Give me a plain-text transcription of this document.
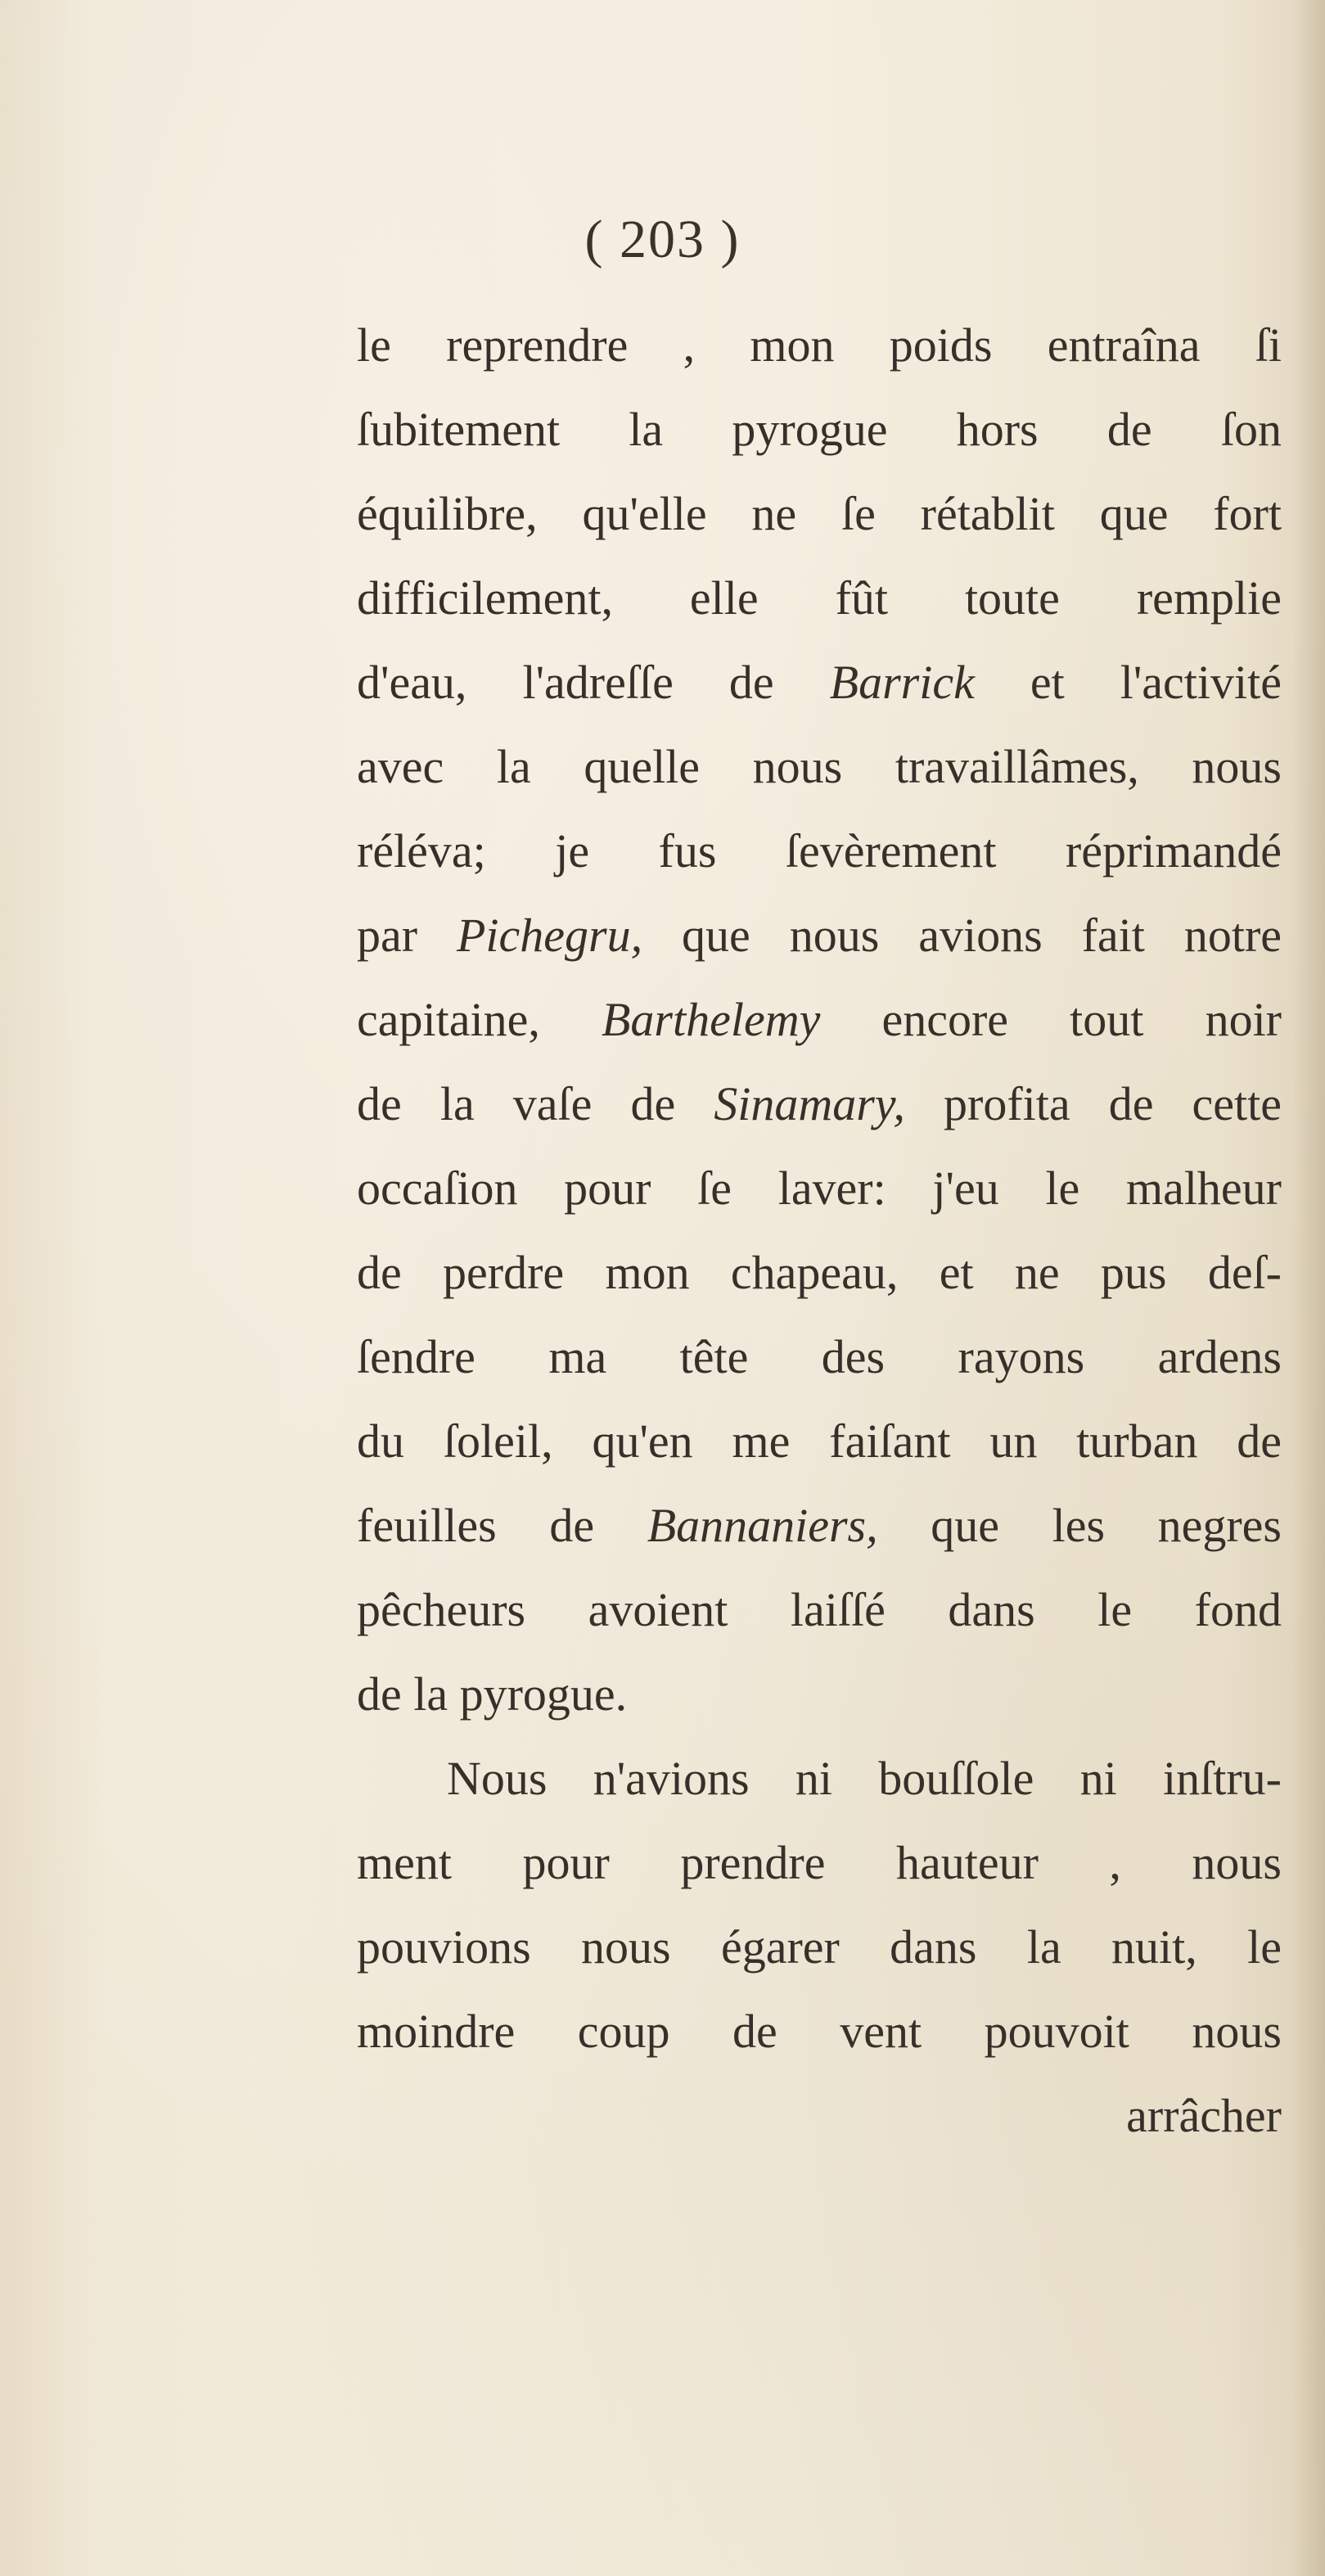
( 203 )
le reprendre , mon poids entraîna ſi
ſubitement la pyrogue hors de ſon
équilibre, qu'elle ne ſe rétablit que fort
difficilement, elle fût toute remplie
d'eau, l'adreſſe de Barrick et l'activité
avec la quelle nous travaillâmes, nous
réléva; je fus ſevèrement réprimandé
par Pichegru, que nous avions fait notre
capitaine, Barthelemy encore tout noir
de la vaſe de Sinamary, profita de cette
occaſion pour ſe laver: j'eu le malheur
de perdre mon chapeau, et ne pus deſ-
ſendre ma tête des rayons ardens
du ſoleil, qu'en me faiſant un turban de
feuilles de Bannaniers, que les negres
pêcheurs avoient laiſſé dans le fond
de la pyrogue.
Nous n'avions ni bouſſole ni inſtru-
ment pour prendre hauteur , nous
pouvions nous égarer dans la nuit, le
moindre coup de vent pouvoit nous
arrâcher
